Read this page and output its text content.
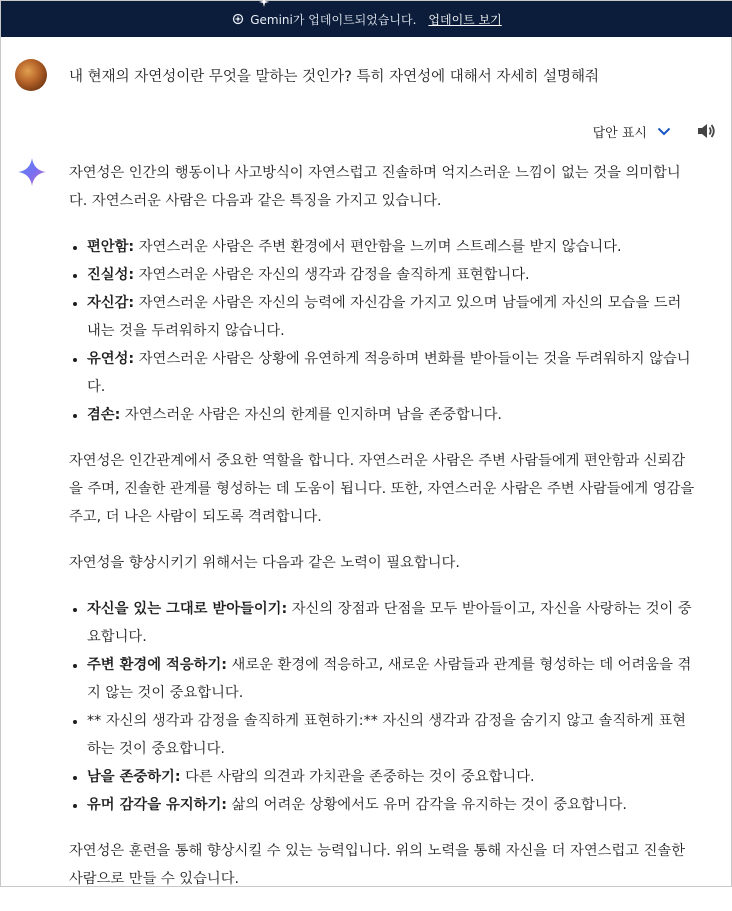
Gemini가 업데이트되었습니다. 업데이트 보기
내 현재의 자연성이란 무엇을 말하는 것인가? 특히 자연성에 대해서 자세히 설명해줘
답안 표시

자연성은 인간의 행동이나 사고방식이 자연스럽고 진솔하며 억지스러운 느낌이 없는 것을 의미합니다. 자연스러운 사람은 다음과 같은 특징을 가지고 있습니다.

• 편안함: 자연스러운 사람은 주변 환경에서 편안함을 느끼며 스트레스를 받지 않습니다.
• 진실성: 자연스러운 사람은 자신의 생각과 감정을 솔직하게 표현합니다.
• 자신감: 자연스러운 사람은 자신의 능력에 자신감을 가지고 있으며 남들에게 자신의 모습을 드러내는 것을 두려워하지 않습니다.
• 유연성: 자연스러운 사람은 상황에 유연하게 적응하며 변화를 받아들이는 것을 두려워하지 않습니다.
• 겸손: 자연스러운 사람은 자신의 한계를 인지하며 남을 존중합니다.

자연성은 인간관계에서 중요한 역할을 합니다. 자연스러운 사람은 주변 사람들에게 편안함과 신뢰감을 주며, 진솔한 관계를 형성하는 데 도움이 됩니다. 또한, 자연스러운 사람은 주변 사람들에게 영감을 주고, 더 나은 사람이 되도록 격려합니다.

자연성을 향상시키기 위해서는 다음과 같은 노력이 필요합니다.

• 자신을 있는 그대로 받아들이기: 자신의 장점과 단점을 모두 받아들이고, 자신을 사랑하는 것이 중요합니다.
• 주변 환경에 적응하기: 새로운 환경에 적응하고, 새로운 사람들과 관계를 형성하는 데 어려움을 겪지 않는 것이 중요합니다.
• ** 자신의 생각과 감정을 솔직하게 표현하기:** 자신의 생각과 감정을 숨기지 않고 솔직하게 표현하는 것이 중요합니다.
• 남을 존중하기: 다른 사람의 의견과 가치관을 존중하는 것이 중요합니다.
• 유머 감각을 유지하기: 삶의 어려운 상황에서도 유머 감각을 유지하는 것이 중요합니다.

자연성은 훈련을 통해 향상시킬 수 있는 능력입니다. 위의 노력을 통해 자신을 더 자연스럽고 진솔한 사람으로 만들 수 있습니다.
